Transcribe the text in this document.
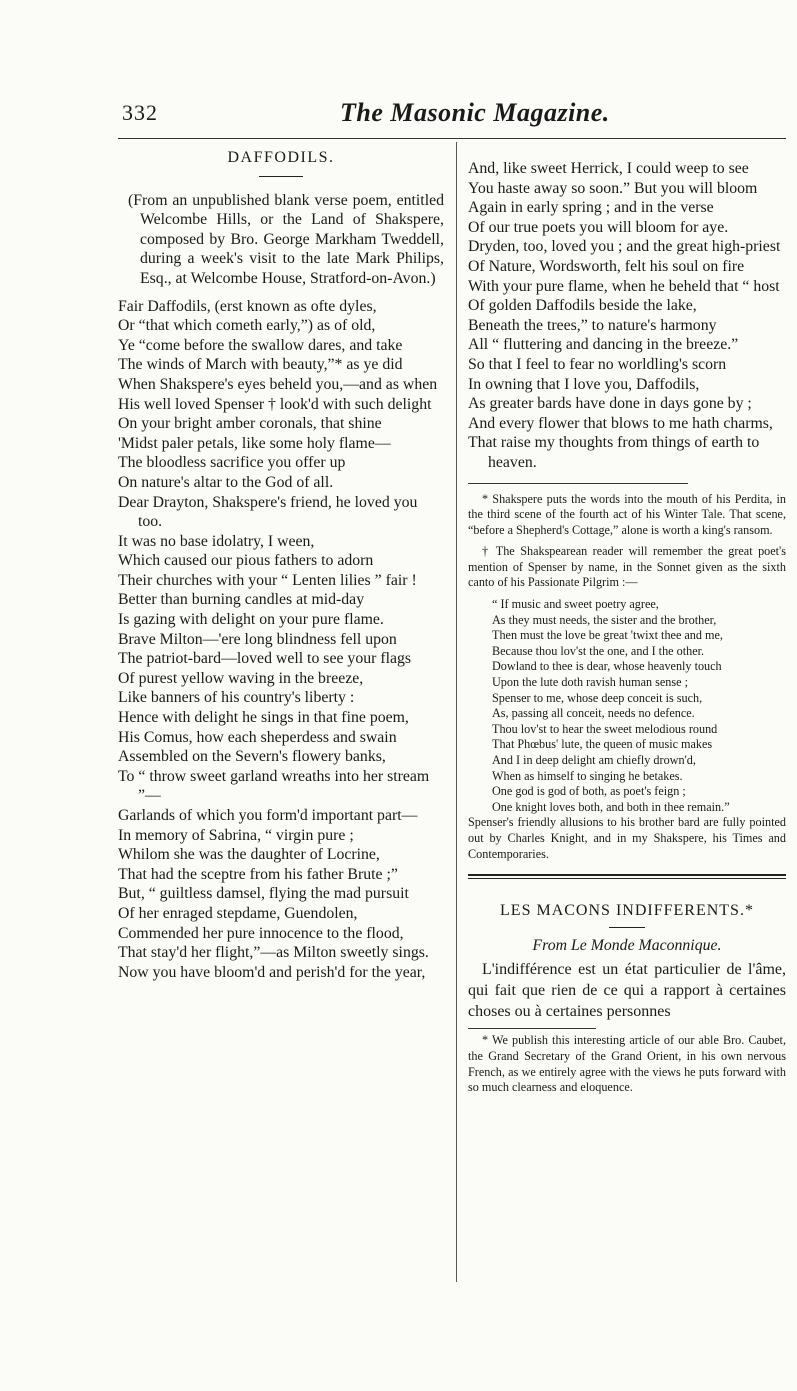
332	The Masonic Magazine.
DAFFODILS.

(From an unpublished blank verse poem, entitled Welcombe Hills, or the Land of Shakspere, composed by Bro. George Markham Tweddell, during a week's visit to the late Mark Philips, Esq., at Welcombe House, Stratford-on-Avon.)

Fair Daffodils, (erst known as ofte dyles,

Or “that which cometh early,”) as of old,

Ye “come before the swallow dares, and take

The winds of March with beauty,”* as ye did

When Shakspere's eyes beheld you,—and as when

His well loved Spenser † look'd with such delight

On your bright amber coronals, that shine

'Midst paler petals, like some holy flame—

The bloodless sacrifice you offer up

On nature's altar to the God of all.

Dear Drayton, Shakspere's friend, he loved you too.

It was no base idolatry, I ween,

Which caused our pious fathers to adorn

Their churches with your “ Lenten lilies ” fair !

Better than burning candles at mid-day

Is gazing with delight on your pure flame.

Brave Milton—'ere long blindness fell upon

The patriot-bard—loved well to see your flags

Of purest yellow waving in the breeze,

Like banners of his country's liberty :

Hence with delight he sings in that fine poem,

His Comus, how each sheperdess and swain

Assembled on the Severn's flowery banks,

To “ throw sweet garland wreaths into her stream ”—

Garlands of which you form'd important part—

In memory of Sabrina, “ virgin pure ;

Whilom she was the daughter of Locrine,

That had the sceptre from his father Brute ;”

But, “ guiltless damsel, flying the mad pursuit

Of her enraged stepdame, Guendolen,

Commended her pure innocence to the flood,

That stay'd her flight,”—as Milton sweetly sings.

Now you have bloom'd and perish'd for the year,

And, like sweet Herrick, I could weep to see

You haste away so soon.” But you will bloom

Again in early spring ; and in the verse

Of our true poets you will bloom for aye.

Dryden, too, loved you ; and the great high-priest

Of Nature, Wordsworth, felt his soul on fire

With your pure flame, when he beheld that “ host

Of golden Daffodils beside the lake,

Beneath the trees,” to nature's harmony

All “ fluttering and dancing in the breeze.”

So that I feel to fear no worldling's scorn

In owning that I love you, Daffodils,

As greater bards have done in days gone by ;

And every flower that blows to me hath charms,

That raise my thoughts from things of earth to heaven.

* Shakspere puts the words into the mouth of his Perdita, in the third scene of the fourth act of his Winter Tale. That scene, “before a Shepherd's Cottage,” alone is worth a king's ransom.

† The Shakspearean reader will remember the great poet's mention of Spenser by name, in the Sonnet given as the sixth canto of his Passionate Pilgrim :—

“ If music and sweet poetry agree,

As they must needs, the sister and the brother,

Then must the love be great 'twixt thee and me,

Because thou lov'st the one, and I the other.

Dowland to thee is dear, whose heavenly touch

Upon the lute doth ravish human sense ;

Spenser to me, whose deep conceit is such,

As, passing all conceit, needs no defence.

Thou lov'st to hear the sweet melodious round

That Phœbus' lute, the queen of music makes

And I in deep delight am chiefly drown'd,

When as himself to singing he betakes.

One god is god of both, as poet's feign ;

One knight loves both, and both in thee remain.”

Spenser's friendly allusions to his brother bard are fully pointed out by Charles Knight, and in my Shakspere, his Times and Contemporaries.

LES MACONS INDIFFERENTS.*
From Le Monde Maconnique.

L'indifférence est un état particulier de l'âme, qui fait que rien de ce qui a rapport à certaines choses ou à certaines personnes

* We publish this interesting article of our able Bro. Caubet, the Grand Secretary of the Grand Orient, in his own nervous French, as we entirely agree with the views he puts forward with so much clearness and eloquence.
